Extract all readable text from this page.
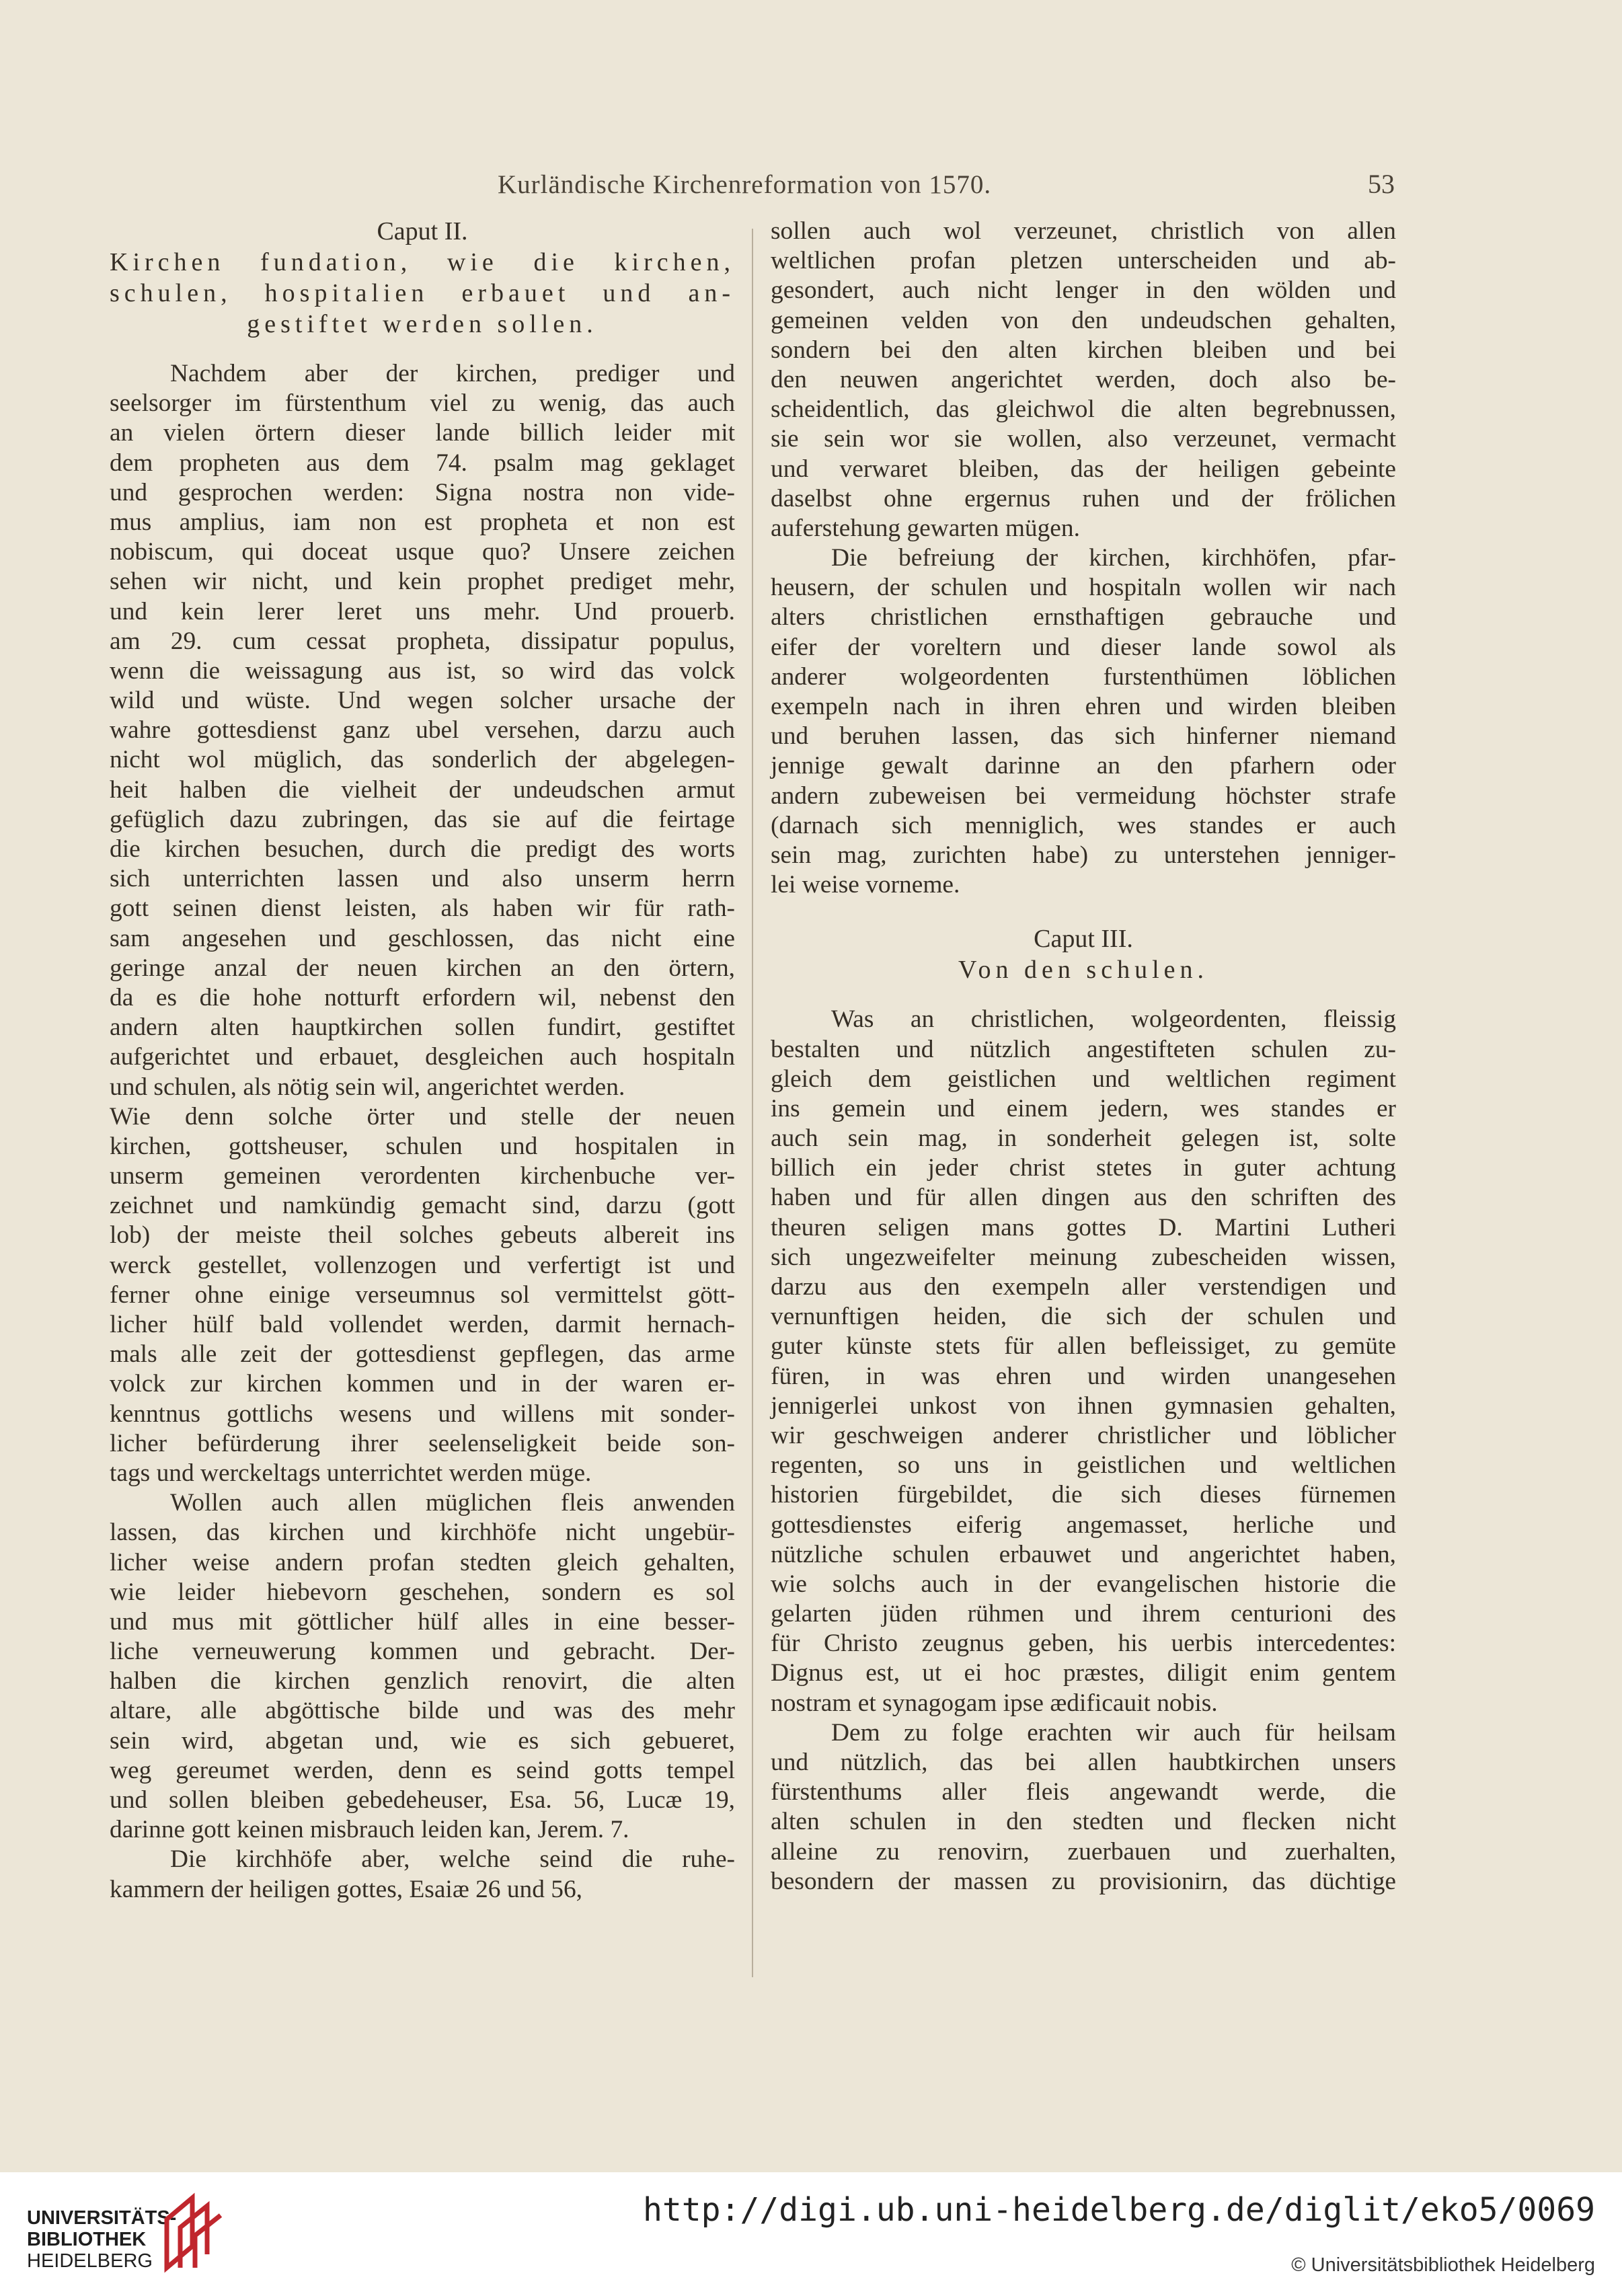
Kurländische Kirchenreformation von 1570.	53
Caput II.
Kirchen fundation, wie die kirchen,
schulen, hospitalien erbauet und an-
gestiftet werden sollen.
Nachdem aber der kirchen, prediger und
seelsorger im fürstenthum viel zu wenig, das auch
an vielen örtern dieser lande billich leider mit
dem propheten aus dem 74. psalm mag geklaget
und gesprochen werden: Signa nostra non vide-
mus amplius, iam non est propheta et non est
nobiscum, qui doceat usque quo? Unsere zeichen
sehen wir nicht, und kein prophet prediget mehr,
und kein lerer leret uns mehr. Und prouerb.
am 29. cum cessat propheta, dissipatur populus,
wenn die weissagung aus ist, so wird das volck
wild und wüste. Und wegen solcher ursache der
wahre gottesdienst ganz ubel versehen, darzu auch
nicht wol müglich, das sonderlich der abgelegen-
heit halben die vielheit der undeudschen armut
gefüglich dazu zubringen, das sie auf die feirtage
die kirchen besuchen, durch die predigt des worts
sich unterrichten lassen und also unserm herrn
gott seinen dienst leisten, als haben wir für rath-
sam angesehen und geschlossen, das nicht eine
geringe anzal der neuen kirchen an den örtern,
da es die hohe notturft erfordern wil, nebenst den
andern alten hauptkirchen sollen fundirt, gestiftet
aufgerichtet und erbauet, desgleichen auch hospitaln
und schulen, als nötig sein wil, angerichtet werden.
Wie denn solche örter und stelle der neuen
kirchen, gottsheuser, schulen und hospitalen in
unserm gemeinen verordenten kirchenbuche ver-
zeichnet und namkündig gemacht sind, darzu (gott
lob) der meiste theil solches gebeuts albereit ins
werck gestellet, vollenzogen und verfertigt ist und
ferner ohne einige verseumnus sol vermittelst gött-
licher hülf bald vollendet werden, darmit hernach-
mals alle zeit der gottesdienst gepflegen, das arme
volck zur kirchen kommen und in der waren er-
kenntnus gottlichs wesens und willens mit sonder-
licher befürderung ihrer seelenseligkeit beide son-
tags und werckeltags unterrichtet werden müge.
Wollen auch allen müglichen fleis anwenden
lassen, das kirchen und kirchhöfe nicht ungebür-
licher weise andern profan stedten gleich gehalten,
wie leider hiebevorn geschehen, sondern es sol
und mus mit göttlicher hülf alles in eine besser-
liche verneuwerung kommen und gebracht. Der-
halben die kirchen genzlich renovirt, die alten
altare, alle abgöttische bilde und was des mehr
sein wird, abgetan und, wie es sich gebueret,
weg gereumet werden, denn es seind gotts tempel
und sollen bleiben gebedeheuser, Esa. 56, Lucæ 19,
darinne gott keinen misbrauch leiden kan, Jerem. 7.
Die kirchhöfe aber, welche seind die ruhe-
kammern der heiligen gottes, Esaiæ 26 und 56,
sollen auch wol verzeunet, christlich von allen
weltlichen profan pletzen unterscheiden und ab-
gesondert, auch nicht lenger in den wölden und
gemeinen velden von den undeudschen gehalten,
sondern bei den alten kirchen bleiben und bei
den neuwen angerichtet werden, doch also be-
scheidentlich, das gleichwol die alten begrebnussen,
sie sein wor sie wollen, also verzeunet, vermacht
und verwaret bleiben, das der heiligen gebeinte
daselbst ohne ergernus ruhen und der frölichen
auferstehung gewarten mügen.
Die befreiung der kirchen, kirchhöfen, pfar-
heusern, der schulen und hospitaln wollen wir nach
alters christlichen ernsthaftigen gebrauche und
eifer der voreltern und dieser lande sowol als
anderer wolgeordenten furstenthümen löblichen
exempeln nach in ihren ehren und wirden bleiben
und beruhen lassen, das sich hinferner niemand
jennige gewalt darinne an den pfarhern oder
andern zubeweisen bei vermeidung höchster strafe
(darnach sich menniglich, wes standes er auch
sein mag, zurichten habe) zu unterstehen jenniger-
lei weise vorneme.
Caput III.
Von den schulen.
Was an christlichen, wolgeordenten, fleissig
bestalten und nützlich angestifteten schulen zu-
gleich dem geistlichen und weltlichen regiment
ins gemein und einem jedern, wes standes er
auch sein mag, in sonderheit gelegen ist, solte
billich ein jeder christ stetes in guter achtung
haben und für allen dingen aus den schriften des
theuren seligen mans gottes D. Martini Lutheri
sich ungezweifelter meinung zubescheiden wissen,
darzu aus den exempeln aller verstendigen und
vernunftigen heiden, die sich der schulen und
guter künste stets für allen befleissiget, zu gemüte
füren, in was ehren und wirden unangesehen
jennigerlei unkost von ihnen gymnasien gehalten,
wir geschweigen anderer christlicher und löblicher
regenten, so uns in geistlichen und weltlichen
historien fürgebildet, die sich dieses fürnemen
gottesdienstes eiferig angemasset, herliche und
nützliche schulen erbauwet und angerichtet haben,
wie solchs auch in der evangelischen historie die
gelarten jüden rühmen und ihrem centurioni des
für Christo zeugnus geben, his uerbis intercedentes:
Dignus est, ut ei hoc præstes, diligit enim gentem
nostram et synagogam ipse ædificauit nobis.
Dem zu folge erachten wir auch für heilsam
und nützlich, das bei allen haubtkirchen unsers
fürstenthums aller fleis angewandt werde, die
alten schulen in den stedten und flecken nicht
alleine zu renovirn, zuerbauen und zuerhalten,
besondern der massen zu provisionirn, das düchtige
UNIVERSITÄTS-
BIBLIOTHEK
HEIDELBERG
http://digi.ub.uni-heidelberg.de/diglit/eko5/0069
© Universitätsbibliothek Heidelberg
